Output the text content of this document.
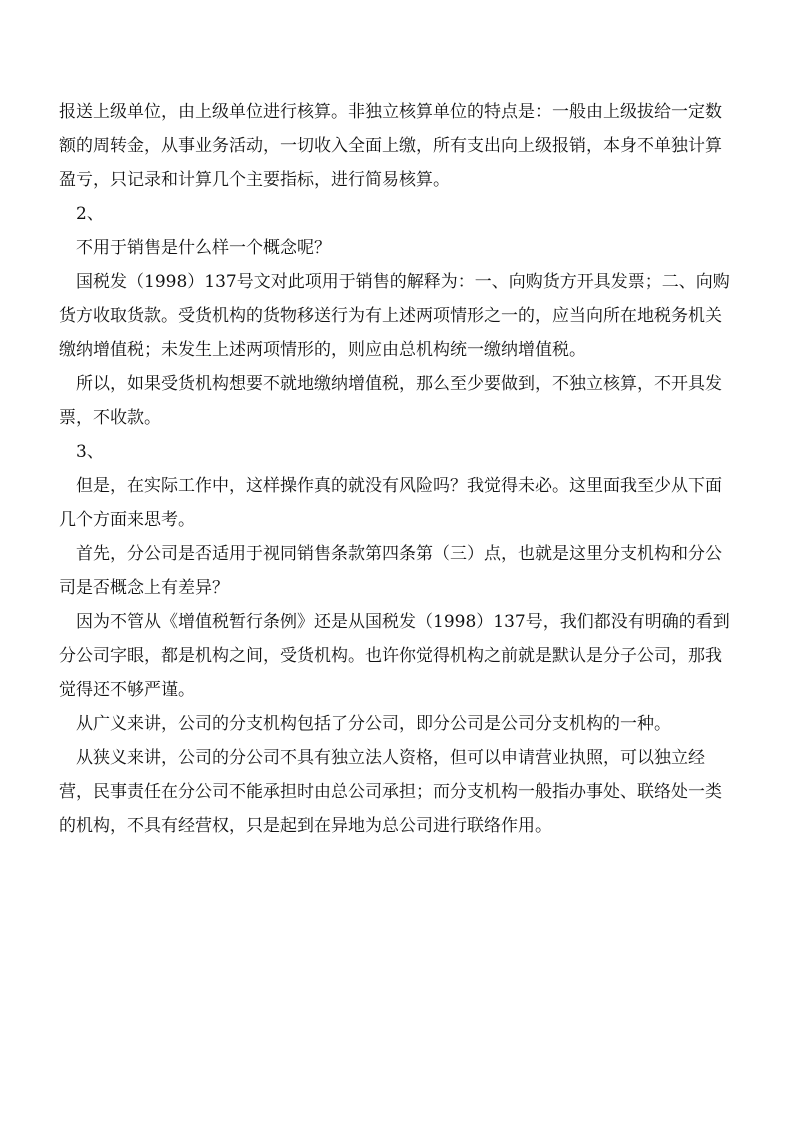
报送上级单位，由上级单位进行核算。非独立核算单位的特点是：一般由上级拔给一定数额的周转金，从事业务活动，一切收入全面上缴，所有支出向上级报销，本身不单独计算盈亏，只记录和计算几个主要指标，进行简易核算。

2、

不用于销售是什么样一个概念呢？

国税发（1998）137号文对此项用于销售的解释为：一、向购货方开具发票；二、向购货方收取货款。受货机构的货物移送行为有上述两项情形之一的，应当向所在地税务机关缴纳增值税；未发生上述两项情形的，则应由总机构统一缴纳增值税。

所以，如果受货机构想要不就地缴纳增值税，那么至少要做到，不独立核算，不开具发票，不收款。

3、

但是，在实际工作中，这样操作真的就没有风险吗？我觉得未必。这里面我至少从下面几个方面来思考。

首先，分公司是否适用于视同销售条款第四条第（三）点，也就是这里分支机构和分公司是否概念上有差异？

因为不管从《增值税暂行条例》还是从国税发（1998）137号，我们都没有明确的看到分公司字眼，都是机构之间，受货机构。也许你觉得机构之前就是默认是分子公司，那我觉得还不够严谨。

从广义来讲，公司的分支机构包括了分公司，即分公司是公司分支机构的一种。

从狭义来讲，公司的分公司不具有独立法人资格，但可以申请营业执照，可以独立经营，民事责任在分公司不能承担时由总公司承担；而分支机构一般指办事处、联络处一类的机构，不具有经营权，只是起到在异地为总公司进行联络作用。
